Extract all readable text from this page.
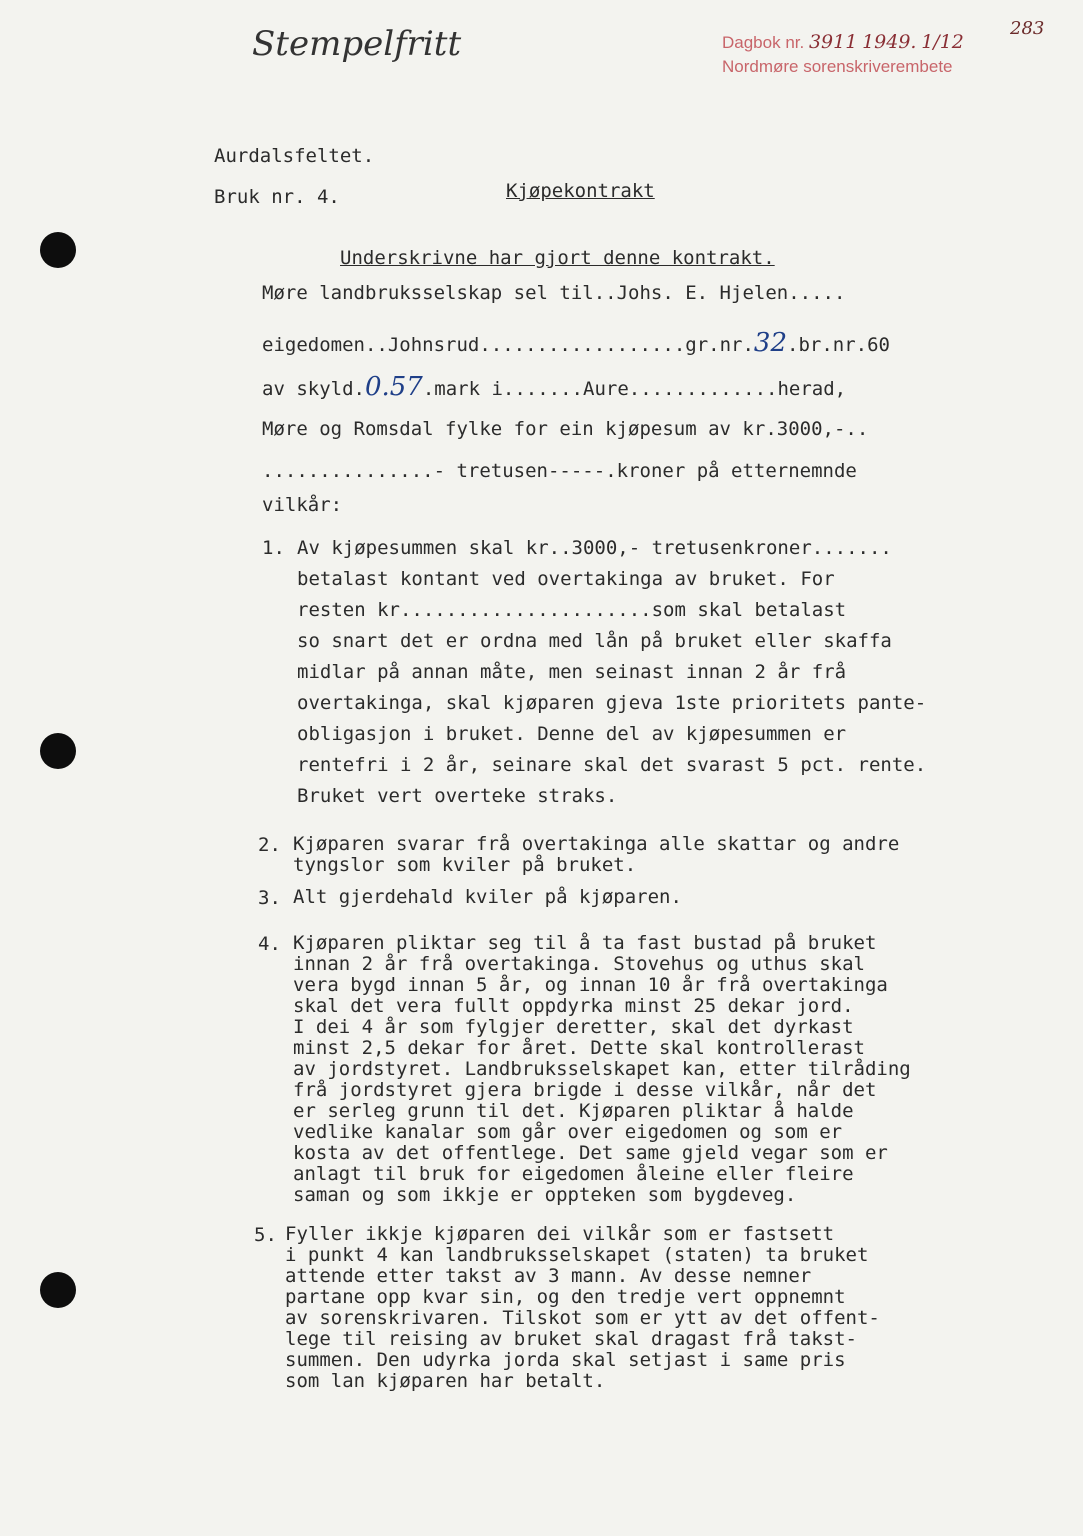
Stempelfritt	Dagbok nr. 3911 1949. 1/12
Nordmøre sorenskriverembete
283
Aurdalsfeltet.
Bruk nr. 4.	Kjøpekontrakt
Underskrivne har gjort denne kontrakt.
Møre landbruksselskap sel til..Johs. E. Hjelen.....
eigedomen..Johnsrud..................gr.nr.32.br.nr.60
av skyld.0.57.mark i.......Aure.............herad,
Møre og Romsdal fylke for ein kjøpesum av kr.3000,-..
...............- tretusen-----.kroner på etternemnde
vilkår:
1. Av kjøpesummen skal kr..3000,- tretusenkroner.......
betalast kontant ved overtakinga av bruket. For
resten kr......................som skal betalast
so snart det er ordna med lån på bruket eller skaffa
midlar på annan måte, men seinast innan 2 år frå
overtakinga, skal kjøparen gjeva 1ste prioritets pante-
obligasjon i bruket. Denne del av kjøpesummen er
rentefri i 2 år, seinare skal det svarast 5 pct. rente.
Bruket vert overteke straks.
2. Kjøparen svarar frå overtakinga alle skattar og andre
tyngslor som kviler på bruket.
3. Alt gjerdehald kviler på kjøparen.
4. Kjøparen pliktar seg til å ta fast bustad på bruket
innan 2 år frå overtakinga. Stovehus og uthus skal
vera bygd innan 5 år, og innan 10 år frå overtakinga
skal det vera fullt oppdyrka minst 25 dekar jord.
I dei 4 år som fylgjer deretter, skal det dyrkast
minst 2,5 dekar for året. Dette skal kontrollerast
av jordstyret. Landbruksselskapet kan, etter tilråding
frå jordstyret gjera brigde i desse vilkår, når det
er serleg grunn til det. Kjøparen pliktar å halde
vedlike kanalar som går over eigedomen og som er
kosta av det offentlege. Det same gjeld vegar som er
anlagt til bruk for eigedomen åleine eller fleire
saman og som ikkje er oppteken som bygdeveg.
5. Fyller ikkje kjøparen dei vilkår som er fastsett
i punkt 4 kan landbruksselskapet (staten) ta bruket
attende etter takst av 3 mann. Av desse nemner
partane opp kvar sin, og den tredje vert oppnemnt
av sorenskrivaren. Tilskot som er ytt av det offent-
lege til reising av bruket skal dragast frå takst-
summen. Den udyrka jorda skal setjast i same pris
som lan kjøparen har betalt.
